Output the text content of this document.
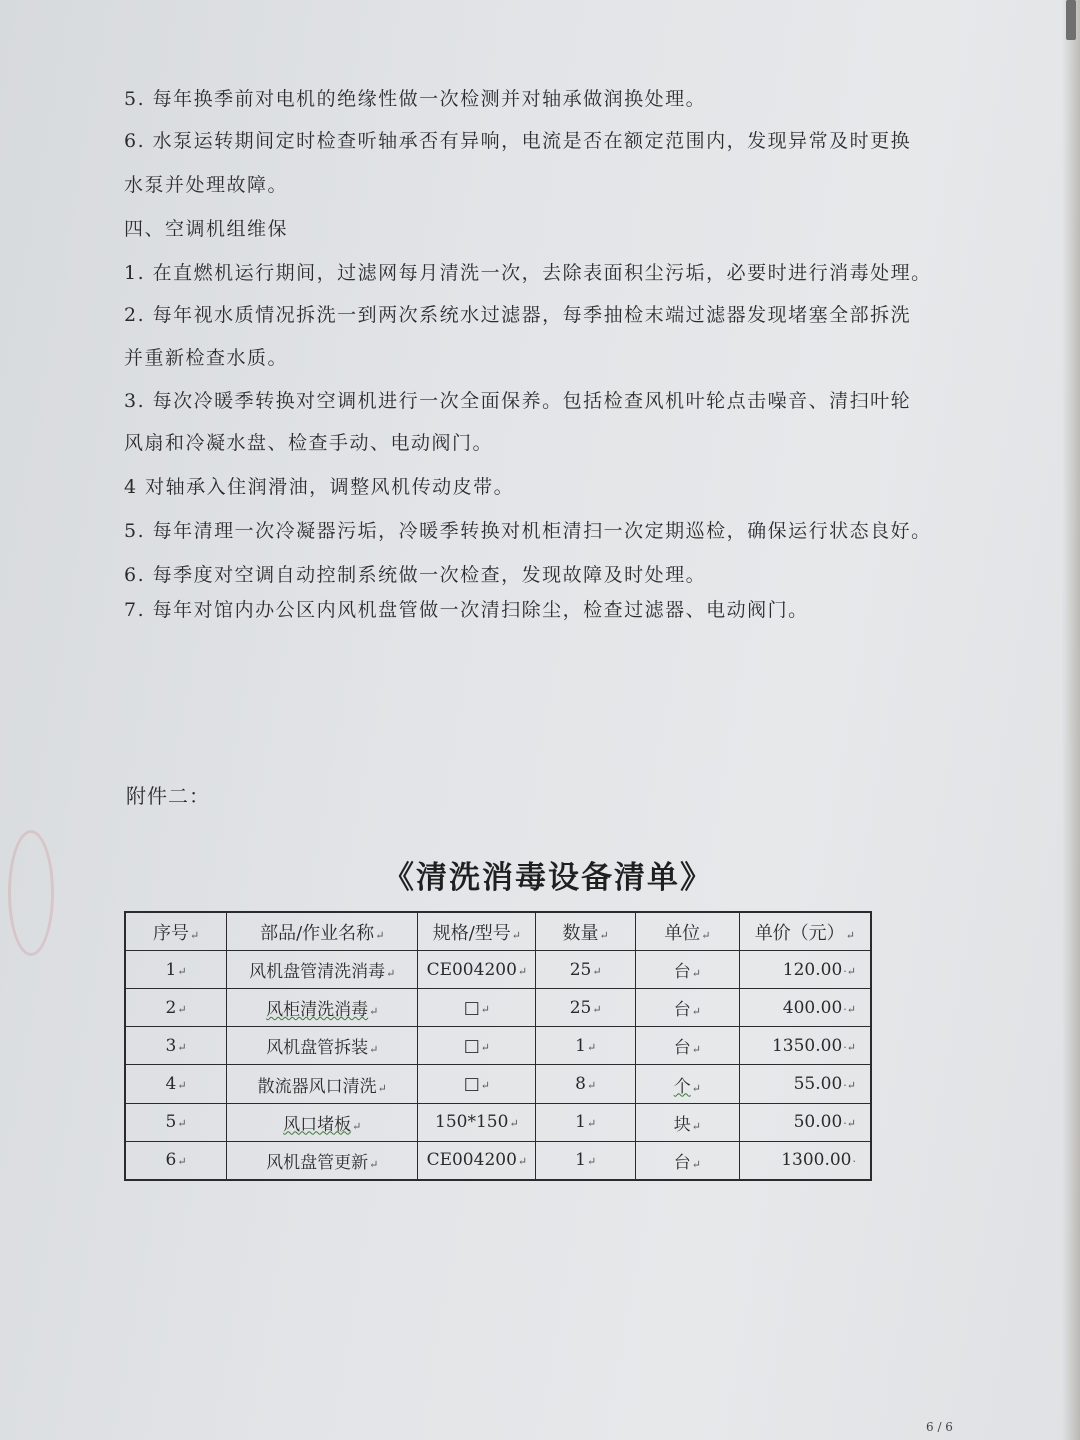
5. 每年换季前对电机的绝缘性做一次检测并对轴承做润换处理。
6. 水泵运转期间定时检查听轴承否有异响，电流是否在额定范围内，发现异常及时更换
水泵并处理故障。
四、空调机组维保
1. 在直燃机运行期间，过滤网每月清洗一次，去除表面积尘污垢，必要时进行消毒处理。
2. 每年视水质情况拆洗一到两次系统水过滤器，每季抽检末端过滤器发现堵塞全部拆洗
并重新检查水质。
3. 每次冷暖季转换对空调机进行一次全面保养。包括检查风机叶轮点击噪音、清扫叶轮
风扇和冷凝水盘、检查手动、电动阀门。
4 对轴承入住润滑油，调整风机传动皮带。
5. 每年清理一次冷凝器污垢，冷暖季转换对机柜清扫一次定期巡检，确保运行状态良好。
6. 每季度对空调自动控制系统做一次检查，发现故障及时处理。
7. 每年对馆内办公区内风机盘管做一次清扫除尘，检查过滤器、电动阀门。
附件二：
《清洗消毒设备清单》
序号↵	部品/作业名称↵	规格/型号↵	数量↵	单位↵	单价（元）↵
1↵	风机盘管清洗消毒↵	CE004200↵	25↵	台↵	120.00·↵
2↵	风柜清洗消毒↵	□↵	25↵	台↵	400.00·↵
3↵	风机盘管拆装↵	□↵	1↵	台↵	1350.00·↵
4↵	散流器风口清洗↵	□↵	8↵	个↵	55.00·↵
5↵	风口堵板↵	150*150↵	1↵	块↵	50.00·↵
6↵	风机盘管更新↵	CE004200↵	1↵	台↵	1300.00·
6 / 6
